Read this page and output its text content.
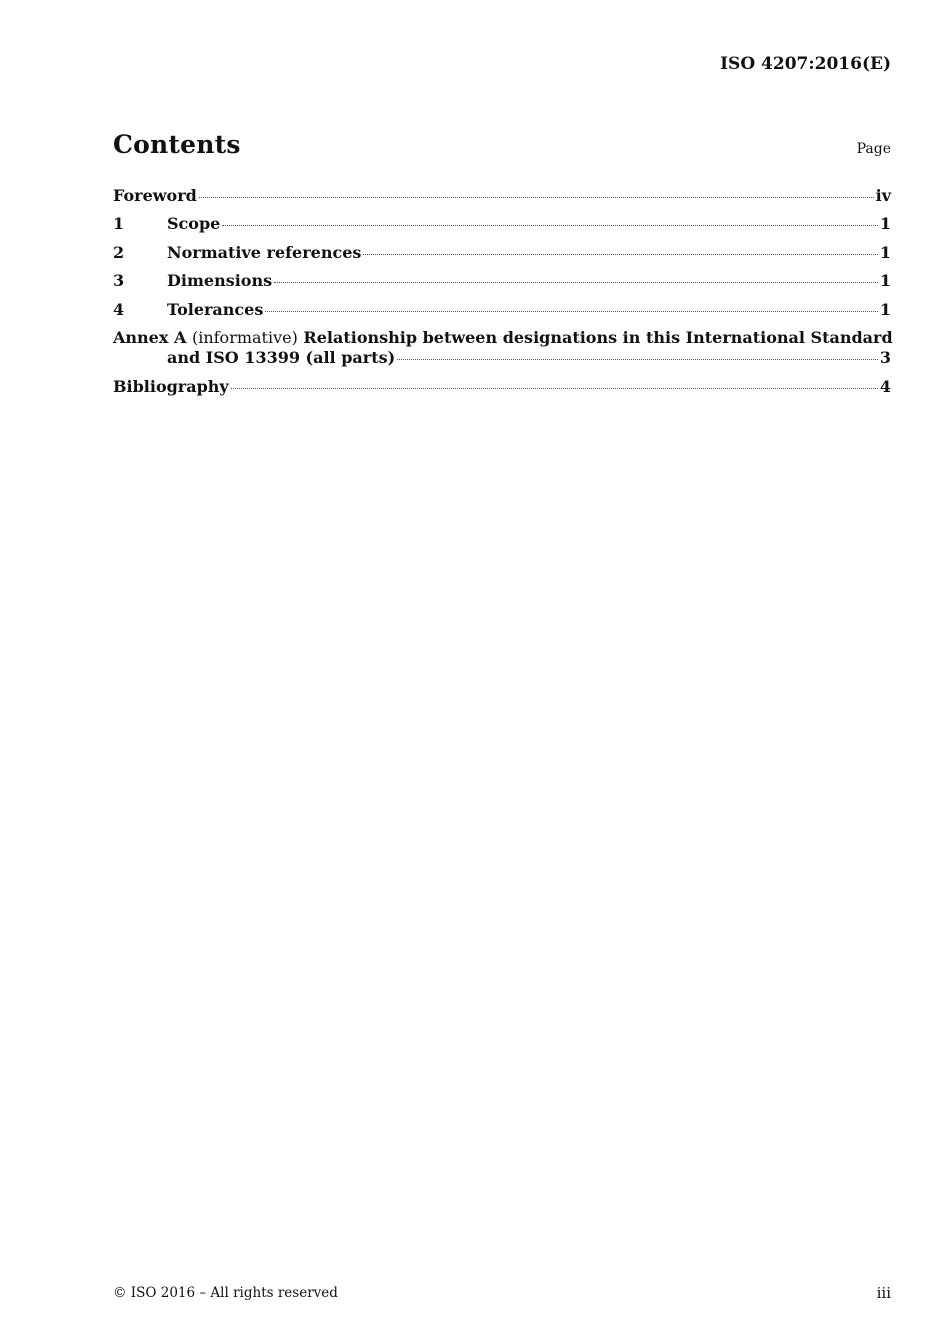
ISO 4207:2016(E)
Contents	Page
Foreword	iv
1	Scope	1
2	Normative references	1
3	Dimensions	1
4	Tolerances	1
Annex A (informative) Relationship between designations in this International Standard
and ISO 13399 (all parts)	3
Bibliography	4
© ISO 2016 – All rights reserved	iii
